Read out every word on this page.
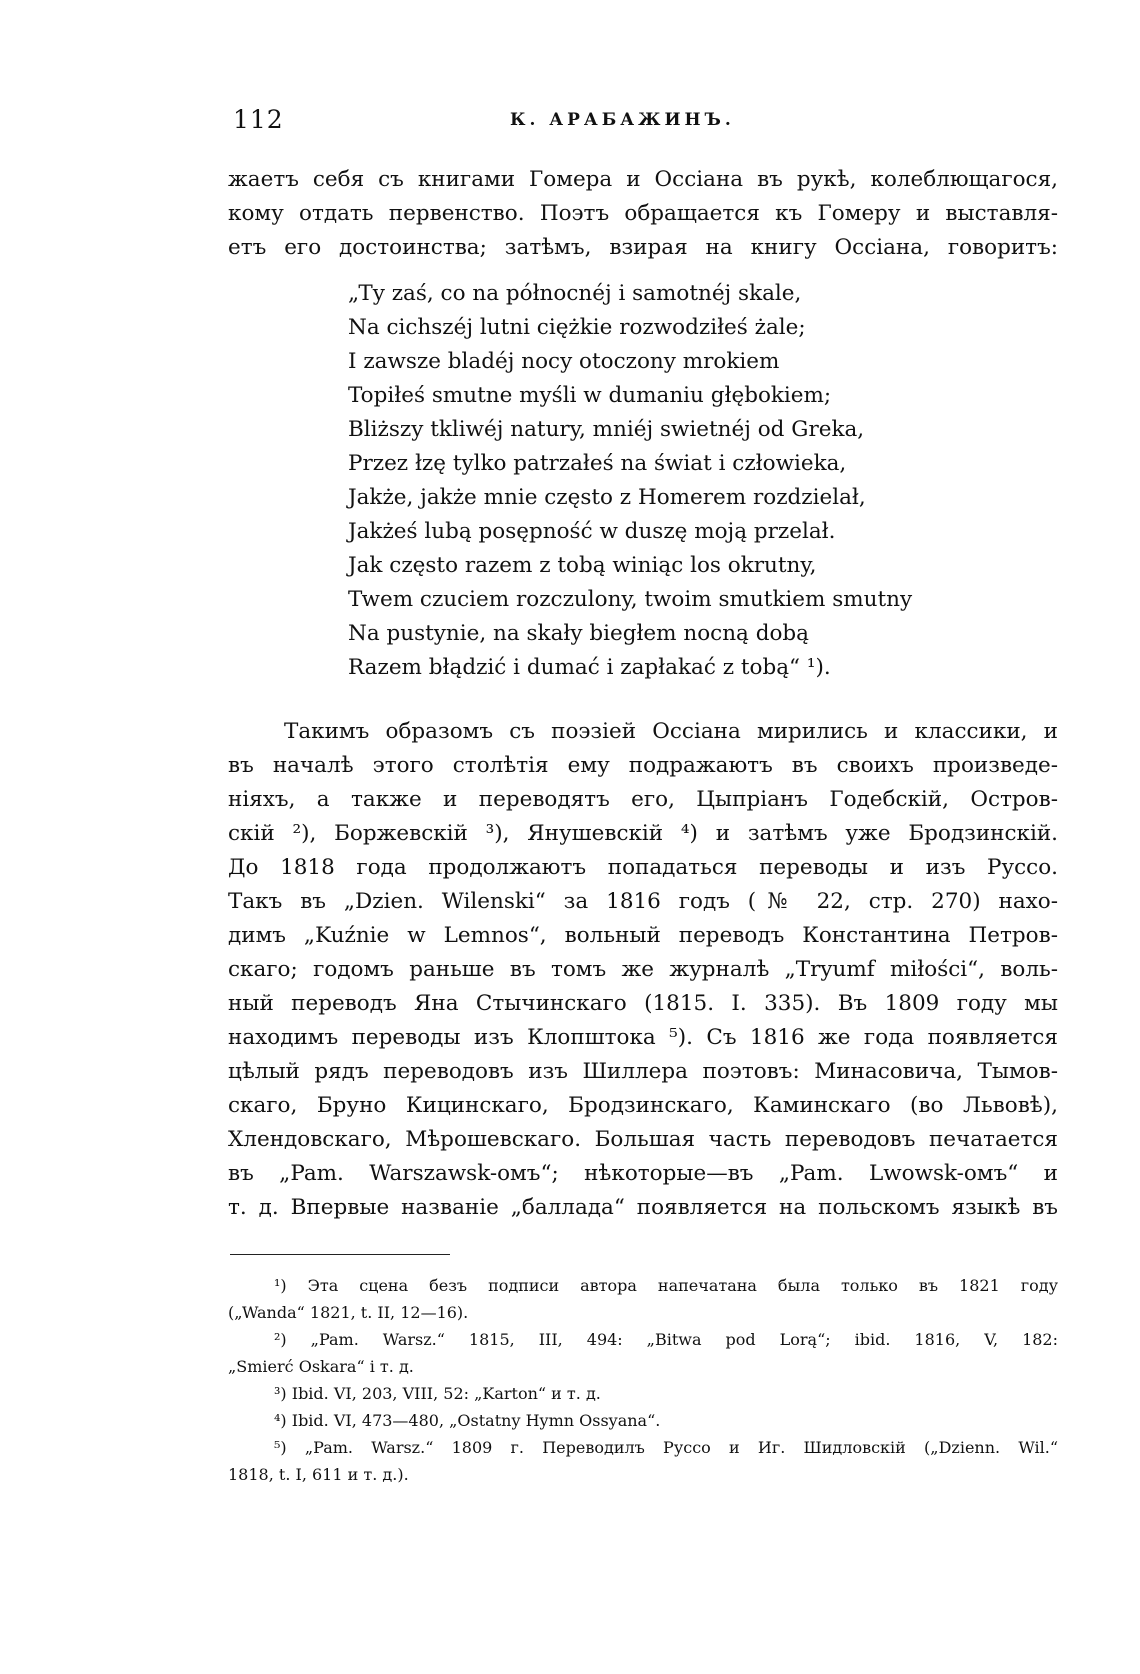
112	К. АРАБАЖИНЪ.
жаетъ себя съ книгами Гомера и Оссiана въ рукѣ, колеблющагося,
кому отдать первенство. Поэтъ обращается къ Гомеру и выставля-
етъ его достоинства; затѣмъ, взирая на книгу Оссiана, говоритъ:
„Ty zaś, co na północnéj i samotnéj skale,
Na cichszéj lutni ciężkie rozwodziłeś żale;
I zawsze bladéj nocy otoczony mrokiem
Topiłeś smutne myśli w dumaniu głębokiem;
Bliższy tkliwéj natury, mniéj swietnéj od Greka,
Przez łzę tylko patrzałeś na świat i człowieka,
Jakże, jakże mnie często z Homerem rozdzielał,
Jakżeś lubą posępność w duszę moją przelał.
Jak często razem z tobą winiąc los okrutny,
Twem czuciem rozczulony, twoim smutkiem smutny
Na pustynie, na skały biegłem nocną dobą
Razem błądzić i dumać i zapłakać z tobą“ ¹).
Такимъ образомъ съ поэзiей Оссiана мирились и классики, и
въ началѣ этого столѣтiя ему подражаютъ въ своихъ произведе-
нiяхъ, а также и переводятъ его, Цыпрiанъ Годебскiй, Остров-
скiй ²), Боржевскiй ³), Янушевскiй ⁴) и затѣмъ уже Бродзинскiй.
До 1818 года продолжаютъ попадаться переводы и изъ Руссо.
Такъ въ „Dzien. Wilenski“ за 1816 годъ (№ 22, стр. 270) нахо-
димъ „Kuźnie w Lemnos“, вольный переводъ Константина Петров-
скаго; годомъ раньше въ томъ же журналѣ „Tryumf miłości“, воль-
ный переводъ Яна Стычинскаго (1815. I. 335). Въ 1809 году мы
находимъ переводы изъ Клопштока ⁵). Съ 1816 же года появляется
цѣлый рядъ переводовъ изъ Шиллера поэтовъ: Минасовича, Тымов-
скаго, Бруно Кицинскаго, Бродзинскаго, Каминскаго (во Львовѣ),
Хлендовскаго, Мѣрошевскаго. Большая часть переводовъ печатается
въ „Pam. Warszawsk-омъ“; нѣкоторые—въ „Pam. Lwowsk-омъ“ и
т. д. Впервые названiе „баллада“ появляется на польскомъ языкѣ въ
¹) Эта сцена безъ подписи автора напечатана была только въ 1821 году
(„Wanda“ 1821, t. II, 12—16).
²) „Pam. Warsz.“ 1815, III, 494: „Bitwa pod Lorą“; ibid. 1816, V, 182:
„Smierć Oskara“ i т. д.
³) Ibid. VI, 203, VIII, 52: „Karton“ и т. д.
⁴) Ibid. VI, 473—480, „Ostatny Hymn Ossyana“.
⁵) „Pam. Warsz.“ 1809 г. Переводилъ Руссо и Иг. Шидловскiй („Dzienn. Wil.“
1818, t. I, 611 и т. д.).
